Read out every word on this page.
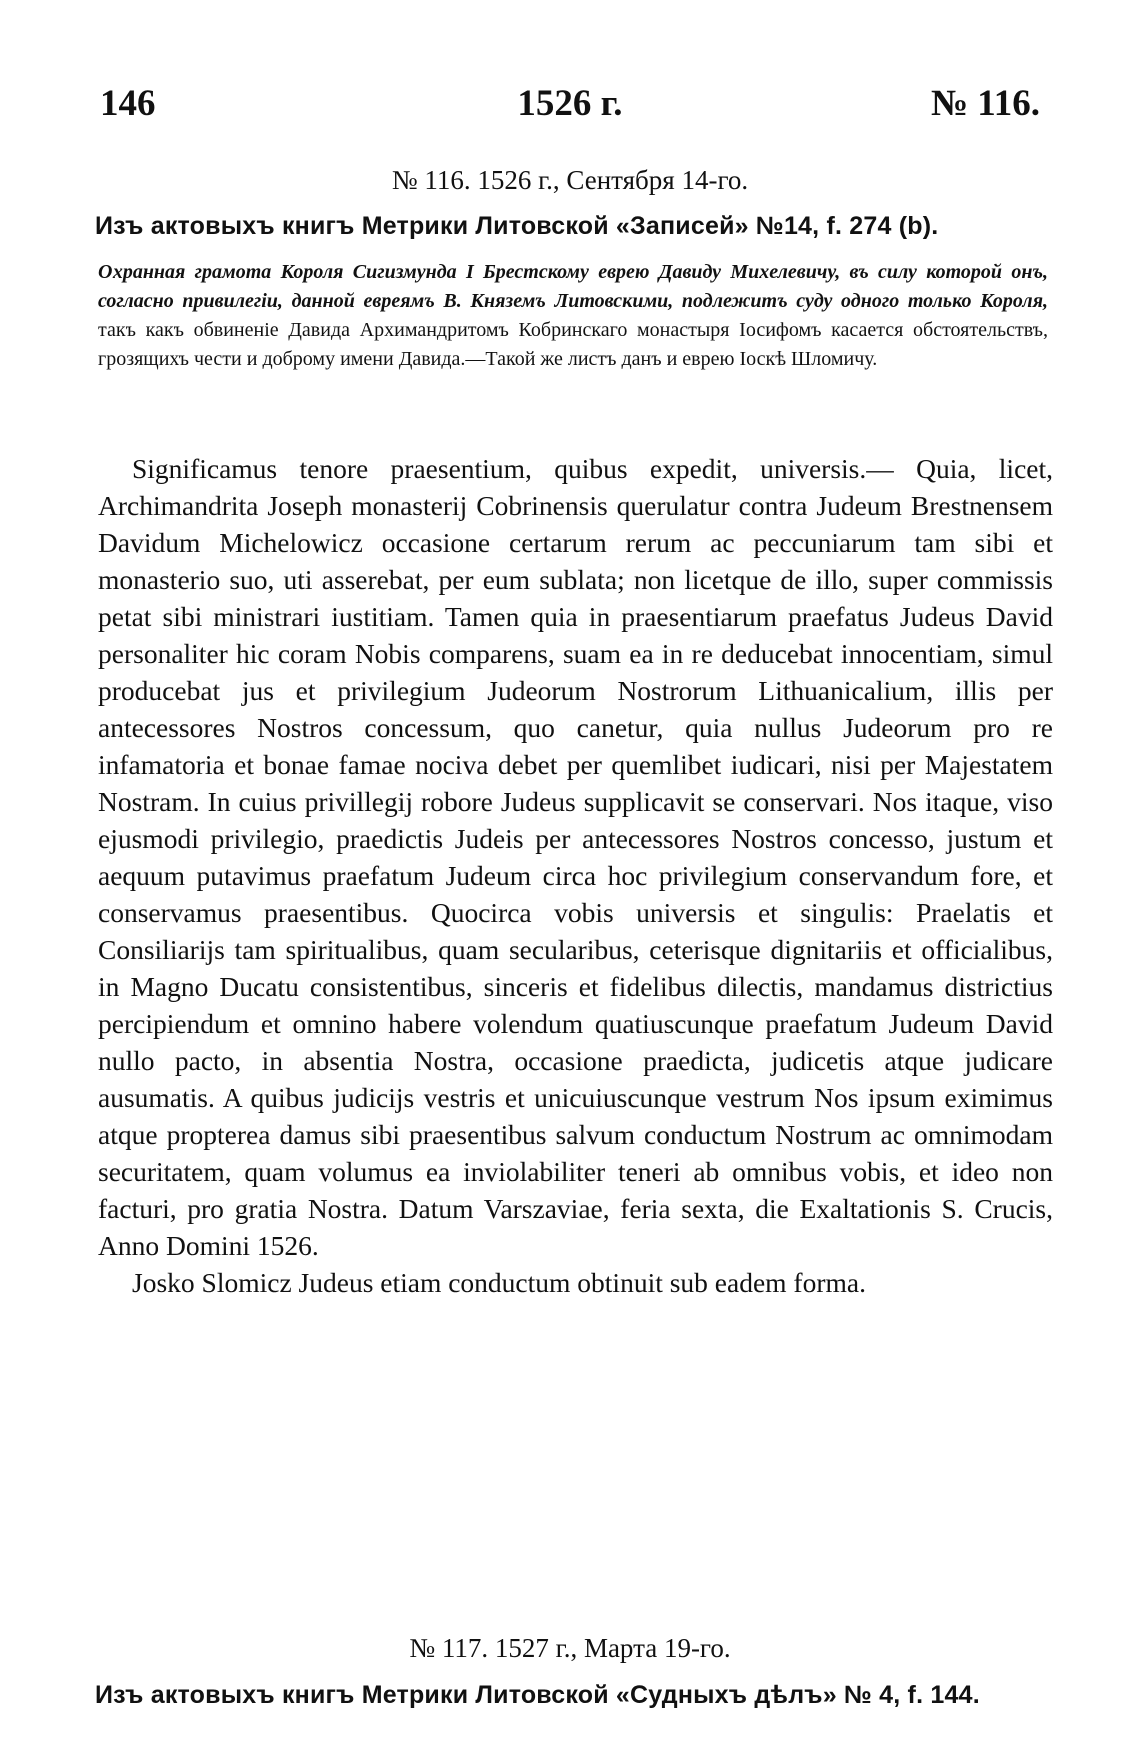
146	1526 г.	№ 116.
№ 116. 1526 г., Сентября 14-го.
Изъ актовыхъ книгъ Метрики Литовской «Записей» №14, f. 274 (b).
Охранная грамота Короля Сигизмунда I Брестскому еврею Давиду Михелевичу, въ силу которой онъ, согласно привилегіи, данной евреямъ В. Княземъ Литовскими, подлежитъ суду одного только Короля, такъ какъ обвиненіе Давида Архимандритомъ Кобринскаго монастыря Іосифомъ касается обстоятельствъ, грозящихъ чести и доброму имени Давида.—Такой же листъ данъ и еврею Іоскѣ Шломичу.

Significamus tenore praesentium, quibus expedit, universis.— Quia, licet, Archimandrita Joseph monasterij Cobrinensis querulatur contra Judeum Brestnensem Davidum Michelowicz occasione certarum rerum ac peccuniarum tam sibi et monasterio suo, uti asserebat, per eum sublata; non licetque de illo, super commissis petat sibi ministrari iustitiam. Tamen quia in praesentiarum praefatus Judeus David personaliter hic coram Nobis comparens, suam ea in re deducebat innocentiam, simul producebat jus et privilegium Judeorum Nostrorum Lithuanicalium, illis per antecessores Nostros concessum, quo canetur, quia nullus Judeorum pro re infamatoria et bonae famae nociva debet per quemlibet iudicari, nisi per Majestatem Nostram. In cuius privillegij robore Judeus supplicavit se conservari. Nos itaque, viso ejusmodi privilegio, praedictis Judeis per antecessores Nostros concesso, justum et aequum putavimus praefatum Judeum circa hoc privilegium conservandum fore, et conservamus praesentibus. Quocirca vobis universis et singulis: Praelatis et Consiliarijs tam spiritualibus, quam secularibus, ceterisque dignitariis et officialibus, in Magno Ducatu consistentibus, sinceris et fidelibus dilectis, mandamus districtius percipiendum et omnino habere volendum quatiuscunque praefatum Judeum David nullo pacto, in absentia Nostra, occasione praedicta, judicetis atque judicare ausumatis. A quibus judicijs vestris et unicuiuscunque vestrum Nos ipsum eximimus atque propterea damus sibi praesentibus salvum conductum Nostrum ac omnimodam securitatem, quam volumus ea inviolabiliter teneri ab omnibus vobis, et ideo non facturi, pro gratia Nostra. Datum Varszaviae, feria sexta, die Exaltationis S. Crucis, Anno Domini 1526.

Josko Slomicz Judeus etiam conductum obtinuit sub eadem forma.

№ 117. 1527 г., Марта 19-го.
Изъ актовыхъ книгъ Метрики Литовской «Судныхъ дѣлъ» № 4, f. 144.
